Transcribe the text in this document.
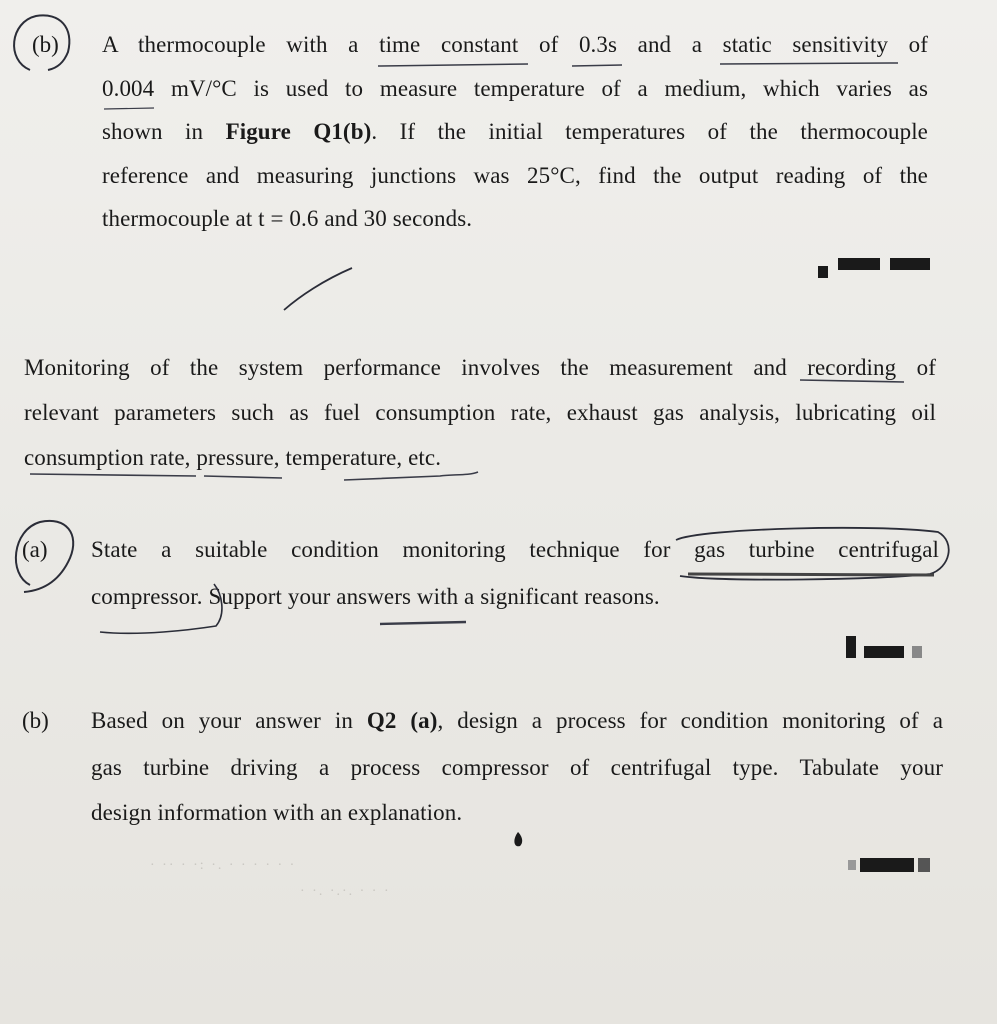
(b) A thermocouple with a time constant of 0.3s and a static sensitivity of
0.004 mV/°C is used to measure temperature of a medium, which varies as
shown in Figure Q1(b). If the initial temperatures of the thermocouple
reference and measuring junctions was 25°C, find the output reading of the
thermocouple at t = 0.6 and 30 seconds.
Monitoring of the system performance involves the measurement and recording of
relevant parameters such as fuel consumption rate, exhaust gas analysis, lubricating oil
consumption rate, pressure, temperature, etc.
(a) State a suitable condition monitoring technique for gas turbine centrifugal
compressor. Support your answers with a significant reasons.
(b) Based on your answer in Q2 (a), design a process for condition monitoring of a
gas turbine driving a process compressor of centrifugal type. Tabulate your
design information with an explanation.
· ·· · ·: ·. · · · · · ·
· ·. ·.·. · · ·
